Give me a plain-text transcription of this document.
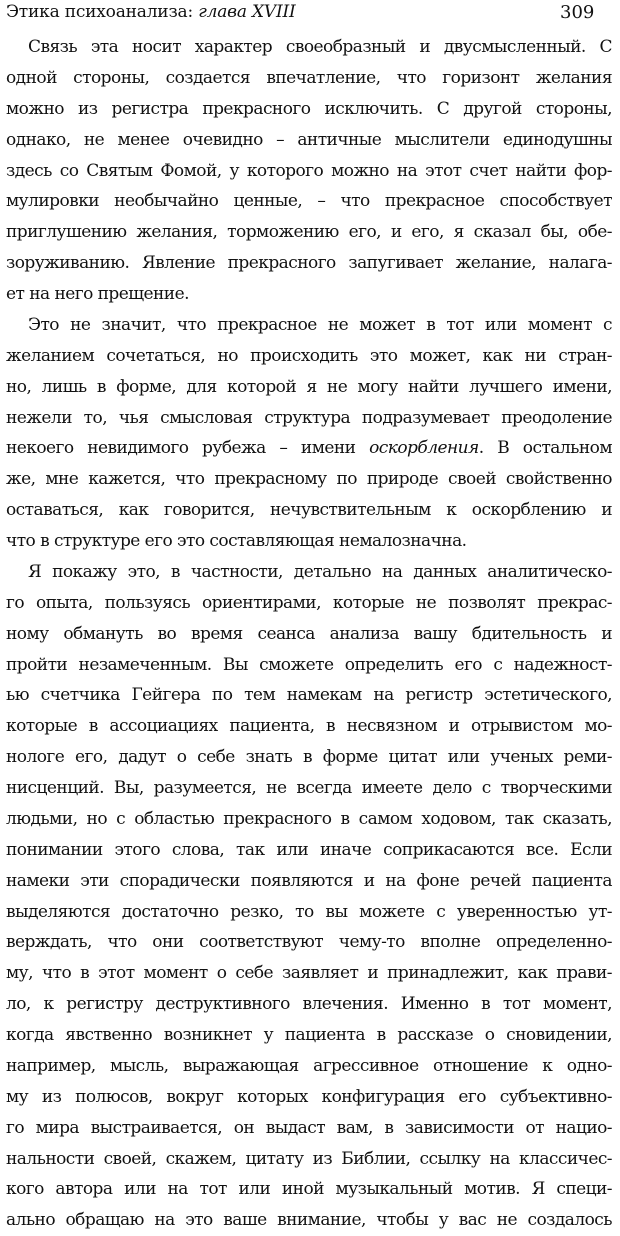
Этика психоанализа: глава XVIII	309
Связь эта носит характер своеобразный и двусмысленный. С
одной стороны, создается впечатление, что горизонт желания
можно из регистра прекрасного исключить. С другой стороны,
однако, не менее очевидно – античные мыслители единодушны
здесь со Святым Фомой, у которого можно на этот счет найти фор-
мулировки необычайно ценные, – что прекрасное способствует
приглушению желания, торможению его, и его, я сказал бы, обе-
зоруживанию. Явление прекрасного запугивает желание, налага-
ет на него прещение.
Это не значит, что прекрасное не может в тот или момент с
желанием сочетаться, но происходить это может, как ни стран-
но, лишь в форме, для которой я не могу найти лучшего имени,
нежели то, чья смысловая структура подразумевает преодоление
некоего невидимого рубежа – имени оскорбления. В остальном
же, мне кажется, что прекрасному по природе своей свойственно
оставаться, как говорится, нечувствительным к оскорблению и
что в структуре его это составляющая немалозначна.
Я покажу это, в частности, детально на данных аналитическо-
го опыта, пользуясь ориентирами, которые не позволят прекрас-
ному обмануть во время сеанса анализа вашу бдительность и
пройти незамеченным. Вы сможете определить его с надежност-
ью счетчика Гейгера по тем намекам на регистр эстетического,
которые в ассоциациях пациента, в несвязном и отрывистом мо-
нологе его, дадут о себе знать в форме цитат или ученых реми-
нисценций. Вы, разумеется, не всегда имеете дело с творческими
людьми, но с областью прекрасного в самом ходовом, так сказать,
понимании этого слова, так или иначе соприкасаются все. Если
намеки эти спорадически появляются и на фоне речей пациента
выделяются достаточно резко, то вы можете с уверенностью ут-
верждать, что они соответствуют чему-то вполне определенно-
му, что в этот момент о себе заявляет и принадлежит, как прави-
ло, к регистру деструктивного влечения. Именно в тот момент,
когда явственно возникнет у пациента в рассказе о сновидении,
например, мысль, выражающая агрессивное отношение к одно-
му из полюсов, вокруг которых конфигурация его субъективно-
го мира выстраивается, он выдаст вам, в зависимости от нацио-
нальности своей, скажем, цитату из Библии, ссылку на классичес-
кого автора или на тот или иной музыкальный мотив. Я специ-
ально обращаю на это ваше внимание, чтобы у вас не создалось
